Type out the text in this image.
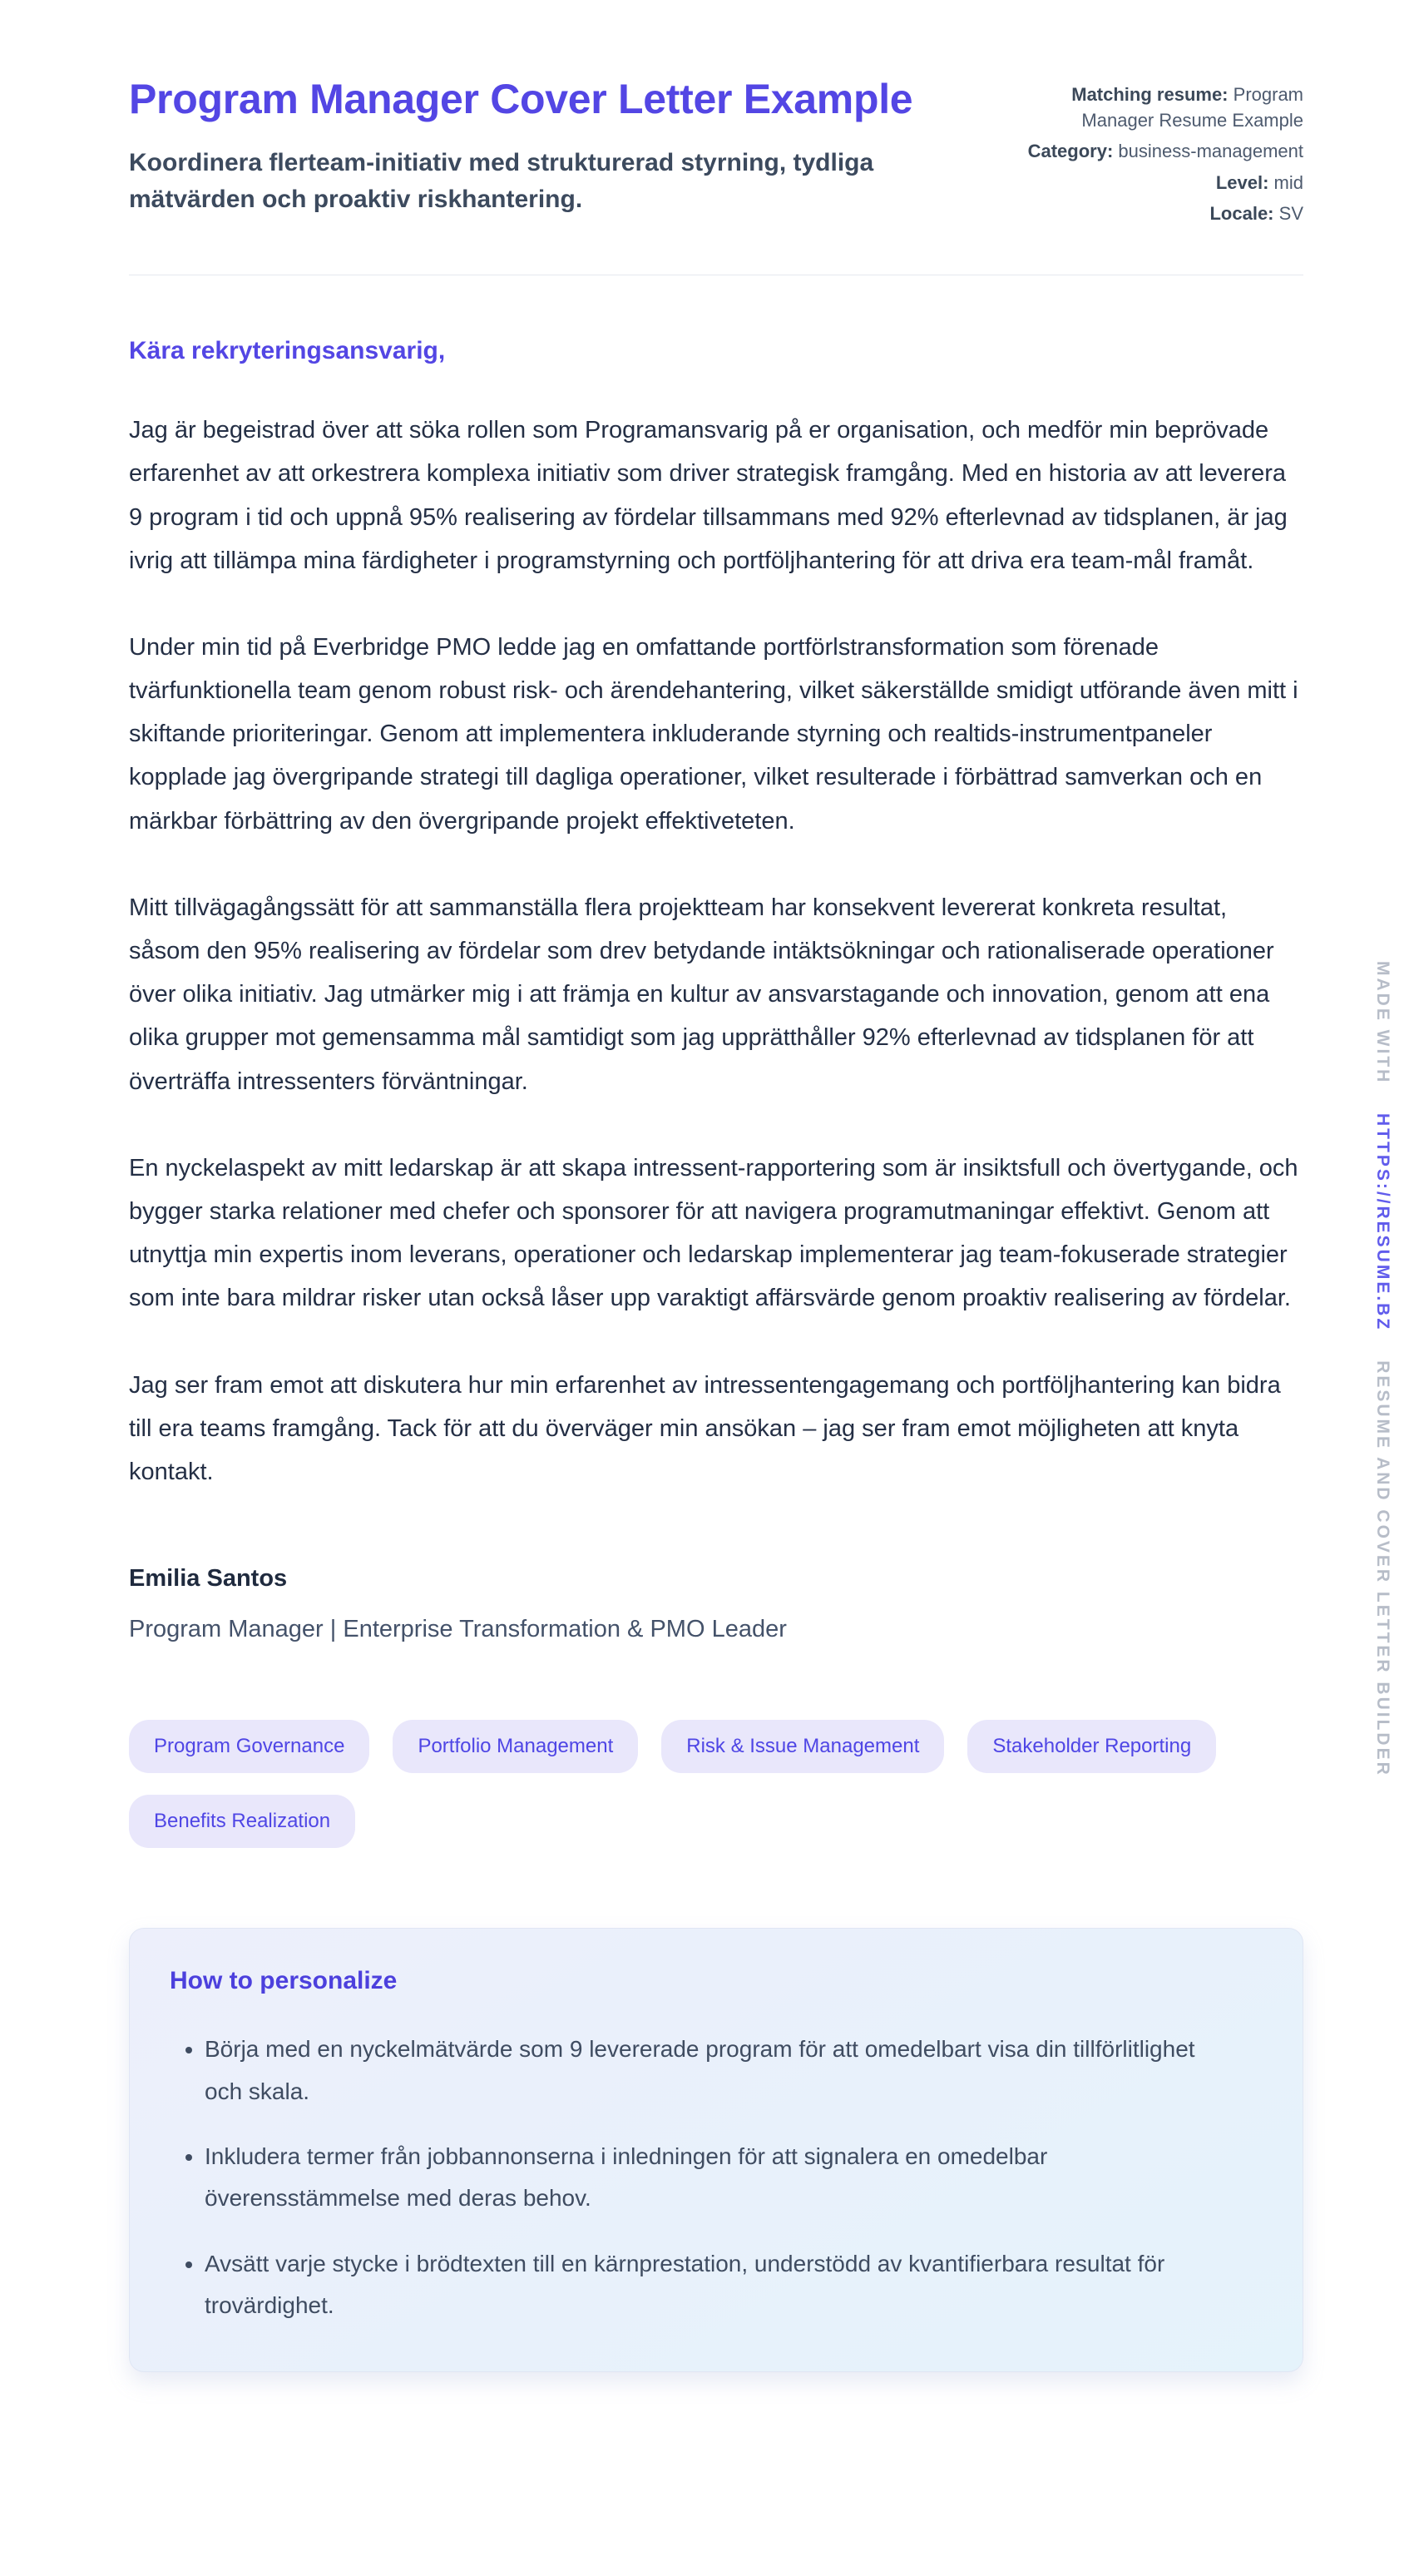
Program Manager Cover Letter Example

Koordinera flerteam-initiativ med strukturerad styrning, tydliga mätvärden och proaktiv riskhantering.

Matching resume: Program Manager Resume Example
Category: business-management
Level: mid
Locale: SV

Kära rekryteringsansvarig,

Jag är begeistrad över att söka rollen som Programansvarig på er organisation, och medför min beprövade erfarenhet av att orkestrera komplexa initiativ som driver strategisk framgång. Med en historia av att leverera 9 program i tid och uppnå 95% realisering av fördelar tillsammans med 92% efterlevnad av tidsplanen, är jag ivrig att tillämpa mina färdigheter i programstyrning och portföljhantering för att driva era team-mål framåt.

Under min tid på Everbridge PMO ledde jag en omfattande portförlstransformation som förenade tvärfunktionella team genom robust risk- och ärendehantering, vilket säkerställde smidigt utförande även mitt i skiftande prioriteringar. Genom att implementera inkluderande styrning och realtids-instrumentpaneler kopplade jag övergripande strategi till dagliga operationer, vilket resulterade i förbättrad samverkan och en märkbar förbättring av den övergripande projekt effektiveteten.

Mitt tillvägagångssätt för att sammanställa flera projektteam har konsekvent levererat konkreta resultat, såsom den 95% realisering av fördelar som drev betydande intäktsökningar och rationaliserade operationer över olika initiativ. Jag utmärker mig i att främja en kultur av ansvarstagande och innovation, genom att ena olika grupper mot gemensamma mål samtidigt som jag upprätthåller 92% efterlevnad av tidsplanen för att överträffa intressenters förväntningar.

En nyckelaspekt av mitt ledarskap är att skapa intressent-rapportering som är insiktsfull och övertygande, och bygger starka relationer med chefer och sponsorer för att navigera programutmaningar effektivt. Genom att utnyttja min expertis inom leverans, operationer och ledarskap implementerar jag team-fokuserade strategier som inte bara mildrar risker utan också låser upp varaktigt affärsvärde genom proaktiv realisering av fördelar.

Jag ser fram emot att diskutera hur min erfarenhet av intressentengagemang och portföljhantering kan bidra till era teams framgång. Tack för att du överväger min ansökan – jag ser fram emot möjligheten att knyta kontakt.

Emilia Santos

Program Manager | Enterprise Transformation & PMO Leader

Program Governance	Portfolio Management	Risk & Issue Management	Stakeholder Reporting
Benefits Realization
How to personalize
• Börja med en nyckelmätvärde som 9 levererade program för att omedelbart visa din tillförlitlighet och skala.
• Inkludera termer från jobbannonserna i inledningen för att signalera en omedelbar överensstämmelse med deras behov.
• Avsätt varje stycke i brödtexten till en kärnprestation, understödd av kvantifierbara resultat för trovärdighet.
MADE WITH HTTPS://RESUME.BZ RESUME AND COVER LETTER BUILDER
